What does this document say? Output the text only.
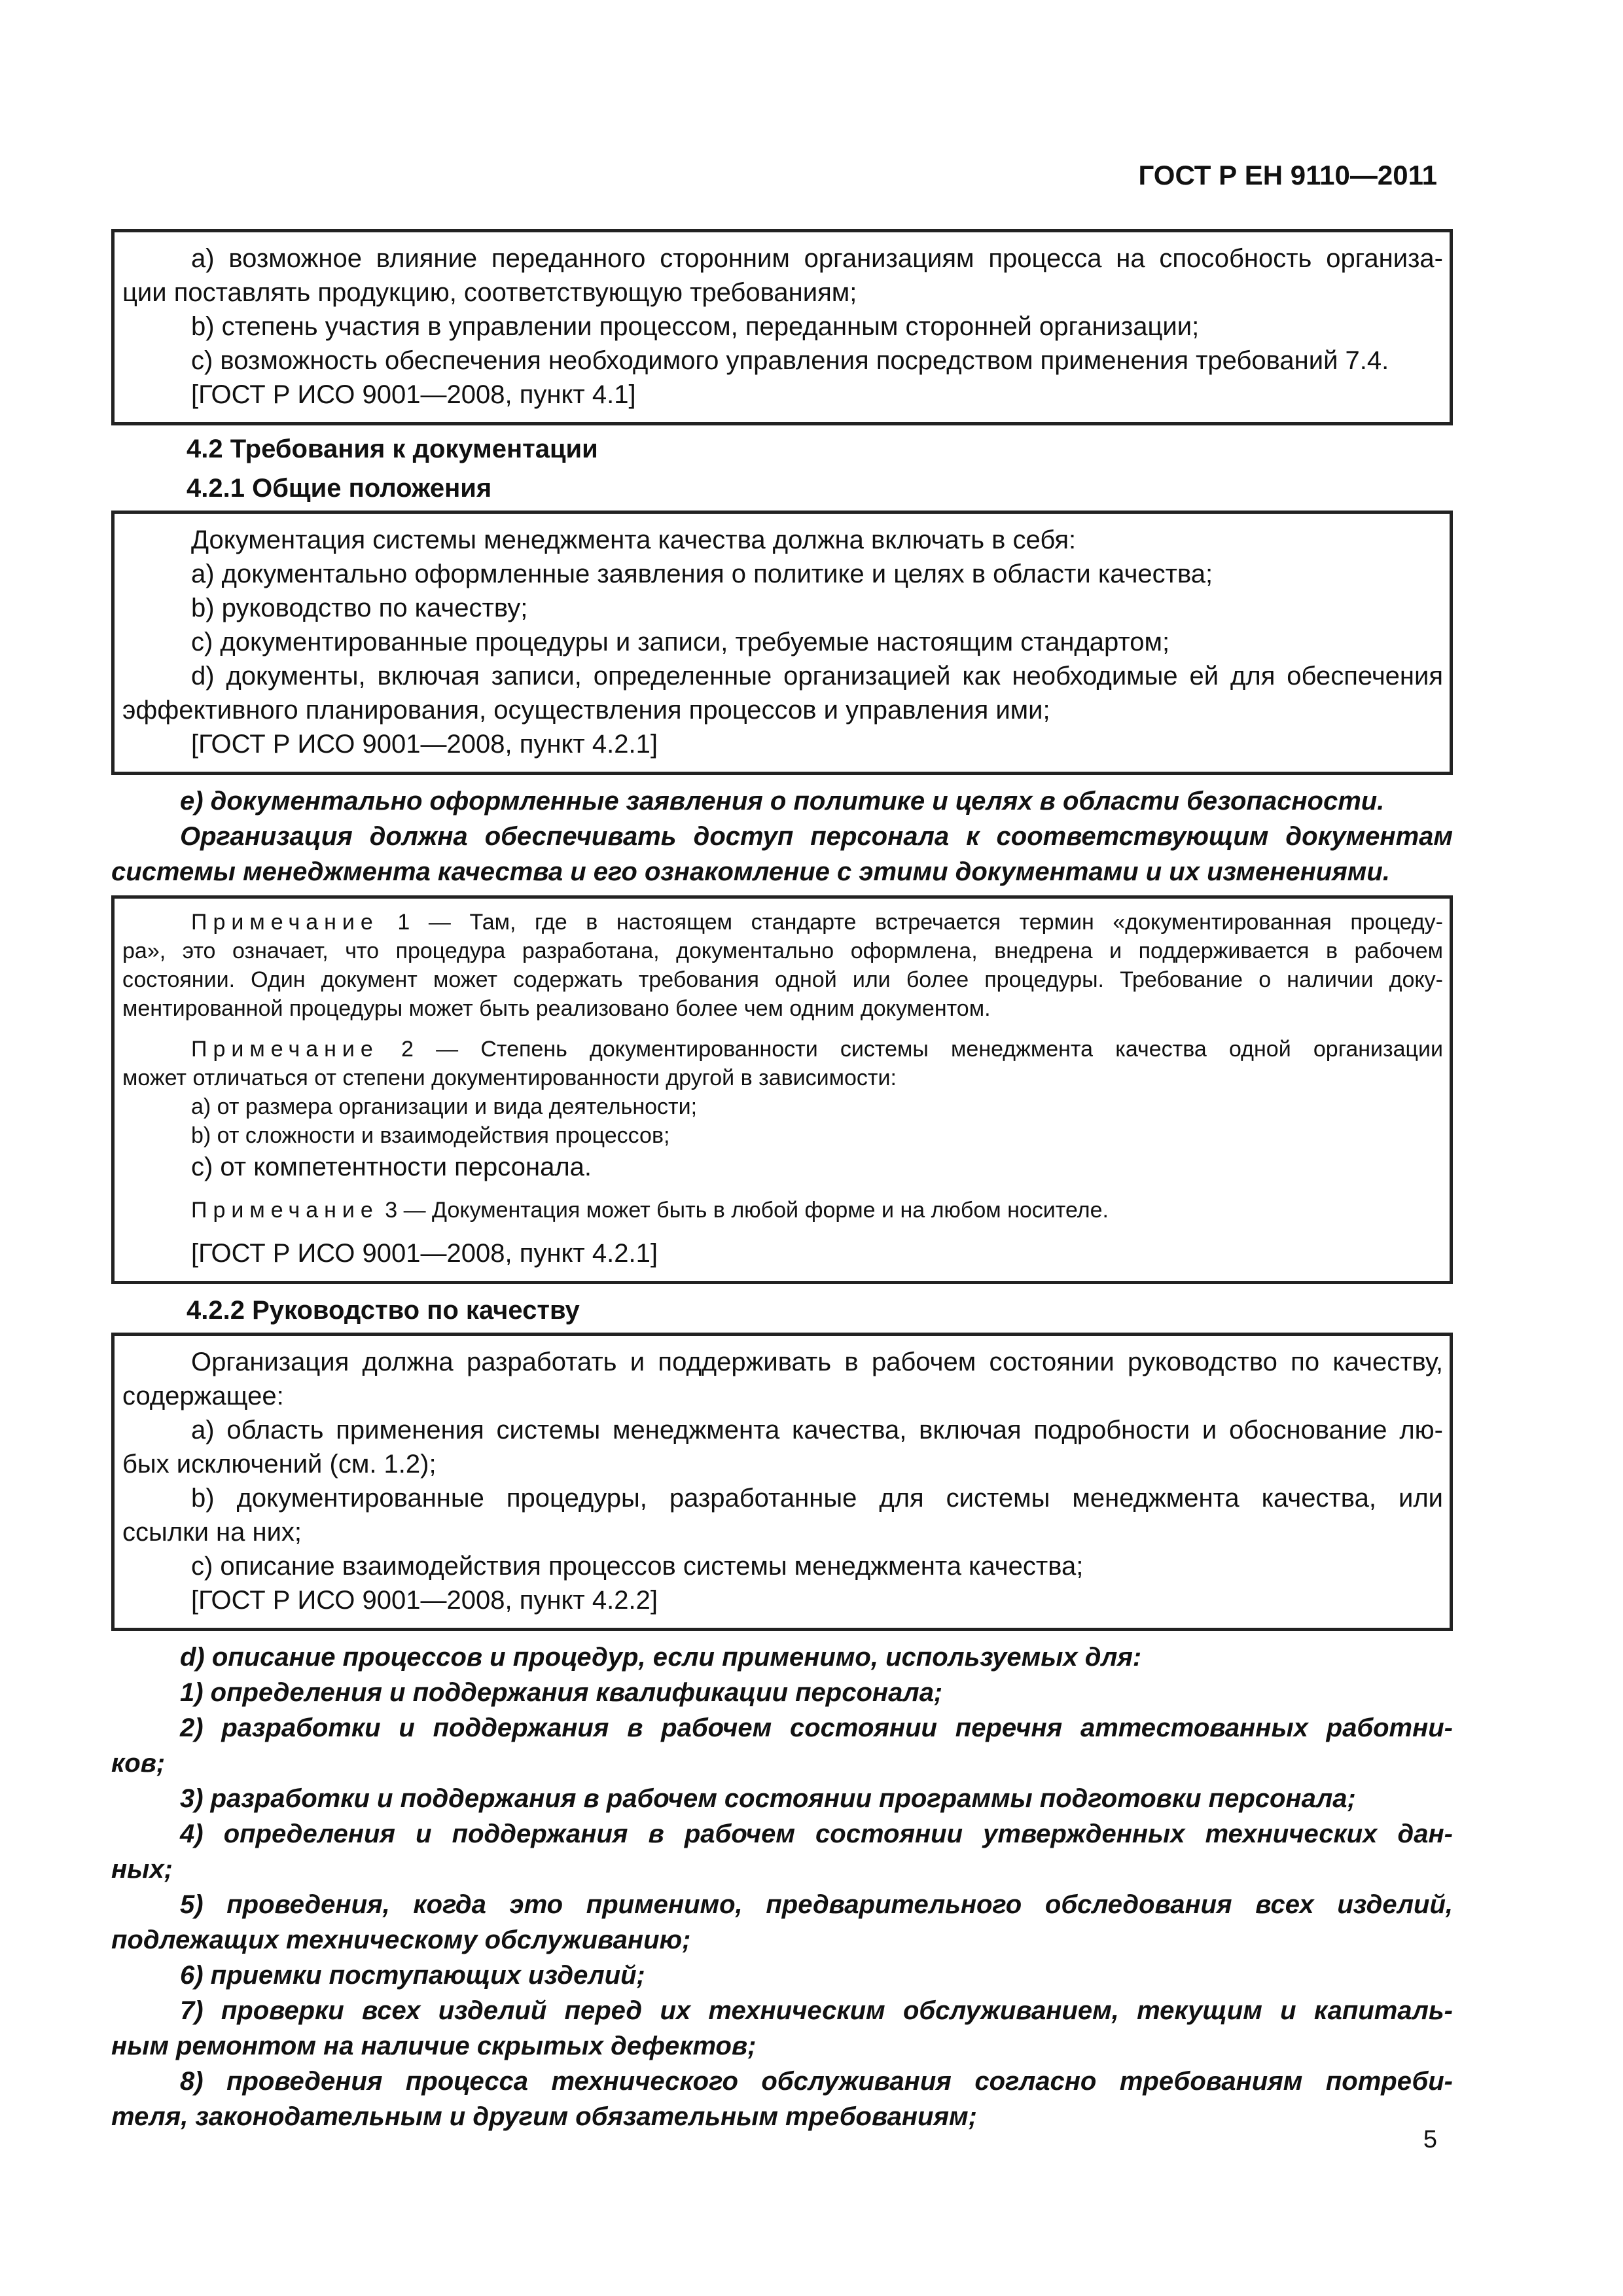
ГОСТ Р ЕН 9110—2011

a) возможное влияние переданного сторонним организациям процесса на способность организа-

ции поставлять продукцию, соответствующую требованиям;

b) степень участия в управлении процессом, переданным сторонней организации;

c) возможность обеспечения необходимого управления посредством применения требований 7.4.

[ГОСТ Р ИСО 9001—2008, пункт 4.1]

4.2 Требования к документации
4.2.1 Общие положения

Документация системы менеджмента качества должна включать в себя:

a) документально оформленные заявления о политике и целях в области качества;

b) руководство по качеству;

c) документированные процедуры и записи, требуемые настоящим стандартом;

d) документы, включая записи, определенные организацией как необходимые ей для обеспечения

эффективного планирования, осуществления процессов и управления ими;

[ГОСТ Р ИСО 9001—2008, пункт 4.2.1]

e) документально оформленные заявления о политике и целях в области безопасности.

Организация должна обеспечивать доступ персонала к соответствующим документам

системы менеджмента качества и его ознакомление с этими документами и их изменениями.

Примечание 1 — Там, где в настоящем стандарте встречается термин «документированная процеду-

ра», это означает, что процедура разработана, документально оформлена, внедрена и поддерживается в рабочем

состоянии. Один документ может содержать требования одной или более процедуры. Требование о наличии доку-

ментированной процедуры может быть реализовано более чем одним документом.

Примечание 2 — Степень документированности системы менеджмента качества одной организации

может отличаться от степени документированности другой в зависимости:

a) от размера организации и вида деятельности;

b) от сложности и взаимодействия процессов;

c) от компетентности персонала.

Примечание 3 — Документация может быть в любой форме и на любом носителе.

[ГОСТ Р ИСО 9001—2008, пункт 4.2.1]

4.2.2 Руководство по качеству

Организация должна разработать и поддерживать в рабочем состоянии руководство по качеству,

содержащее:

a) область применения системы менеджмента качества, включая подробности и обоснование лю-

бых исключений (см. 1.2);

b) документированные процедуры, разработанные для системы менеджмента качества, или

ссылки на них;

c) описание взаимодействия процессов системы менеджмента качества;

[ГОСТ Р ИСО 9001—2008, пункт 4.2.2]

d) описание процессов и процедур, если применимо, используемых для:

1) определения и поддержания квалификации персонала;

2) разработки и поддержания в рабочем состоянии перечня аттестованных работни-

ков;

3) разработки и поддержания в рабочем состоянии программы подготовки персонала;

4) определения и поддержания в рабочем состоянии утвержденных технических дан-

ных;

5) проведения, когда это применимо, предварительного обследования всех изделий,

подлежащих техническому обслуживанию;

6) приемки поступающих изделий;

7) проверки всех изделий перед их техническим обслуживанием, текущим и капиталь-

ным ремонтом на наличие скрытых дефектов;

8) проведения процесса технического обслуживания согласно требованиям потреби-

теля, законодательным и другим обязательным требованиям;

5
